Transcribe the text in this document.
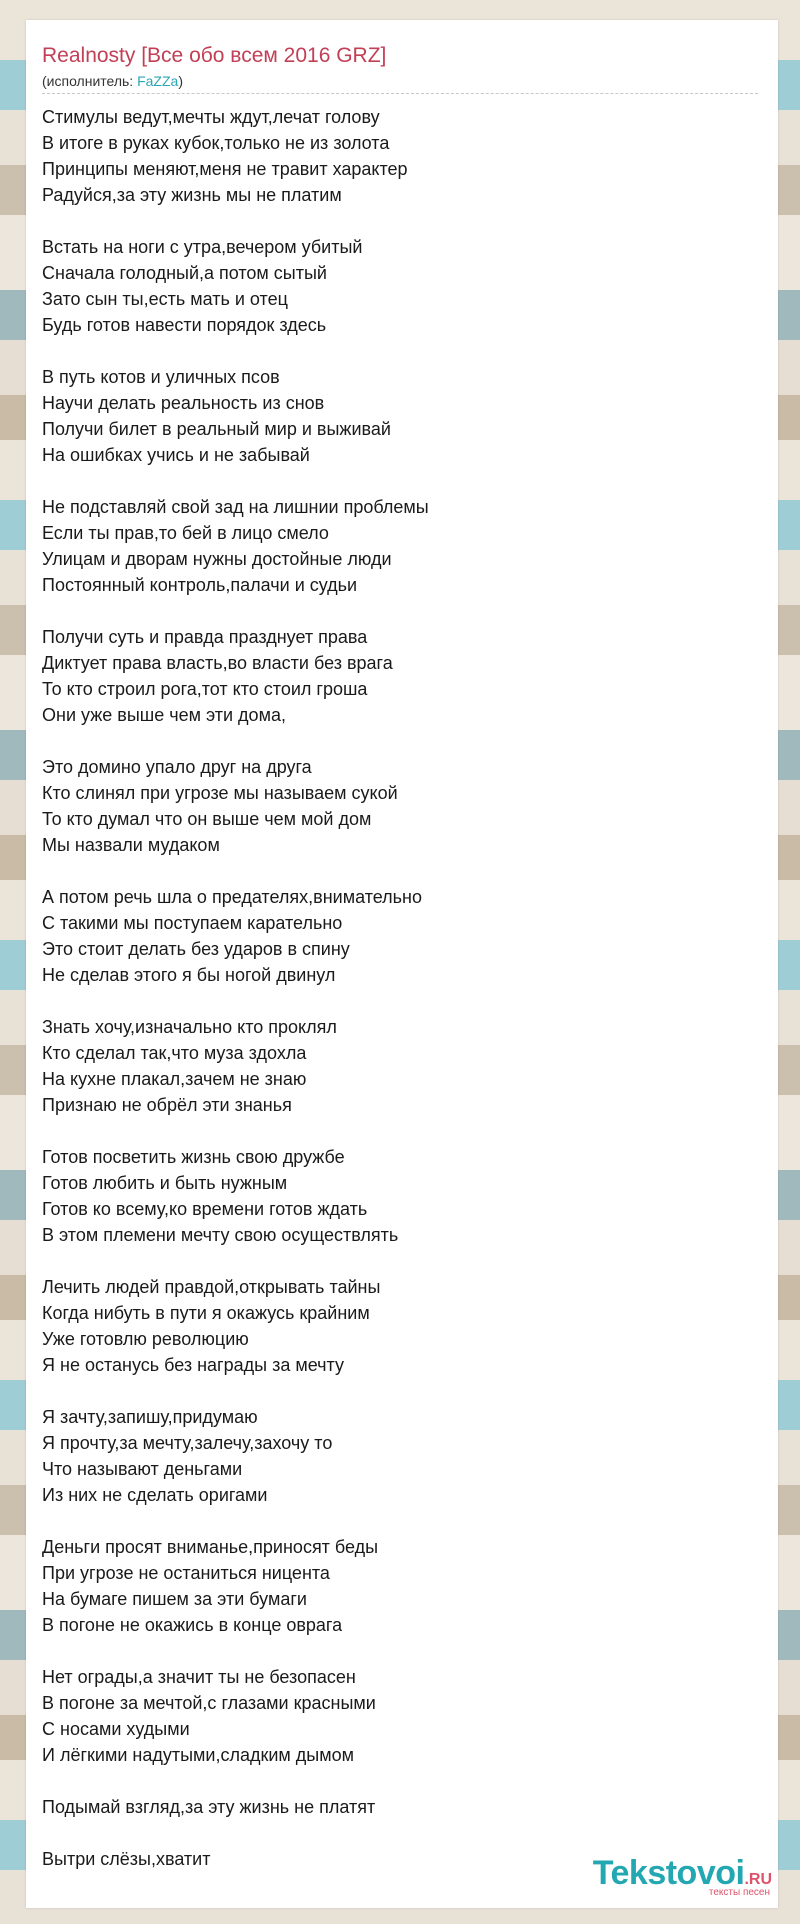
Realnosty [Все обо всем 2016 GRZ]
(исполнитель: FaZZa)
Стимулы ведут,мечты ждут,лечат голову
В итоге в руках кубок,только не из золота
Принципы меняют,меня не травит характер
Радуйся,за эту жизнь мы не платим
Встать на ноги с утра,вечером убитый
Сначала голодный,а потом сытый
Зато сын ты,есть мать и отец
Будь готов навести порядок здесь
В путь котов и уличных псов
Научи делать реальность из снов
Получи билет в реальный мир и выживай
На ошибках учись и не забывай
Не подставляй свой зад на лишнии проблемы
Если ты прав,то бей в лицо смело
Улицам и дворам нужны достойные люди
Постоянный контроль,палачи и судьи
Получи суть и правда празднует права
Диктует права власть,во власти без врага
То кто строил рога,тот кто стоил гроша
Они уже выше чем эти дома,
Это домино упало друг на друга
Кто слинял при угрозе мы называем сукой
То кто думал что он выше чем мой дом
Мы назвали мудаком
А потом речь шла о предателях,внимательно
С такими мы поступаем карательно
Это стоит делать без ударов в спину
Не сделав этого я бы ногой двинул
Знать хочу,изначально кто проклял
Кто сделал так,что муза здохла
На кухне плакал,зачем не знаю
Признаю не обрёл эти знанья
Готов посветить жизнь свою дружбе
Готов любить и быть нужным
Готов ко всему,ко времени готов ждать
В этом племени мечту свою осуществлять
Лечить людей правдой,открывать тайны
Когда нибуть в пути я окажусь крайним
Уже готовлю революцию
Я не останусь без награды за мечту
Я зачту,запишу,придумаю
Я прочту,за мечту,залечу,захочу то
Что называют деньгами
Из них не сделать оригами
Деньги просят вниманье,приносят беды
При угрозе не останиться ницента
На бумаге пишем за эти бумаги
В погоне не окажись в конце оврага
Нет ограды,а значит ты не безопасен
В погоне за мечтой,с глазами красными
С носами худыми
И лёгкими надутыми,сладким дымом
Подымай взгляд,за эту жизнь не платят
Вытри слёзы,хватит	Tekstovoi.RU
тексты песен
